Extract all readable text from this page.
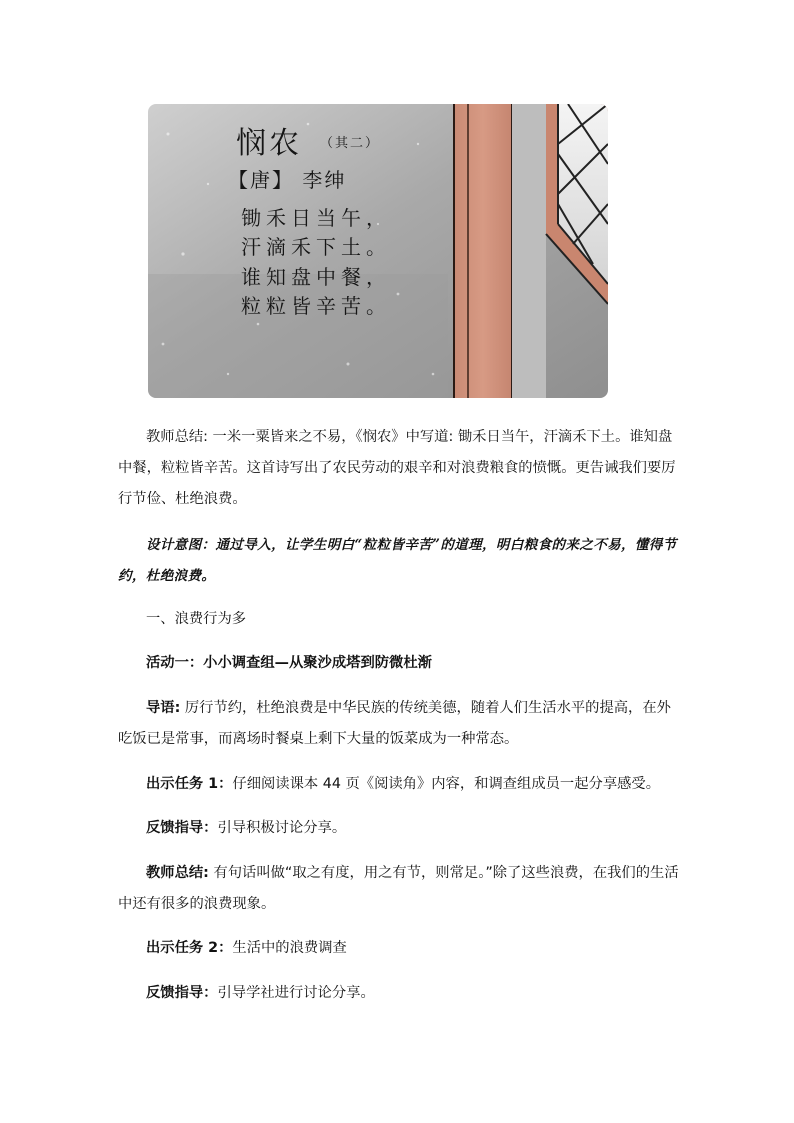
悯农 （其二）
【唐】 李绅
锄禾日当午，
汗滴禾下土。
谁知盘中餐，
粒粒皆辛苦。

教师总结: 一米一粟皆来之不易，《悯农》中写道: 锄禾日当午，汗滴禾下土。谁知盘中餐，粒粒皆辛苦。这首诗写出了农民劳动的艰辛和对浪费粮食的愤慨。更告诫我们要厉行节俭、杜绝浪费。

设计意图：通过导入，让学生明白“粒粒皆辛苦”的道理，明白粮食的来之不易，懂得节约，杜绝浪费。

一、浪费行为多

活动一：小小调查组—从聚沙成塔到防微杜渐

导语: 厉行节约，杜绝浪费是中华民族的传统美德，随着人们生活水平的提高，在外吃饭已是常事，而离场时餐桌上剩下大量的饭菜成为一种常态。

出示任务 1：仔细阅读课本 44 页《阅读角》内容，和调查组成员一起分享感受。

反馈指导：引导积极讨论分享。

教师总结: 有句话叫做“取之有度，用之有节，则常足。”除了这些浪费，在我们的生活中还有很多的浪费现象。

出示任务 2：生活中的浪费调查

反馈指导：引导学社进行讨论分享。
